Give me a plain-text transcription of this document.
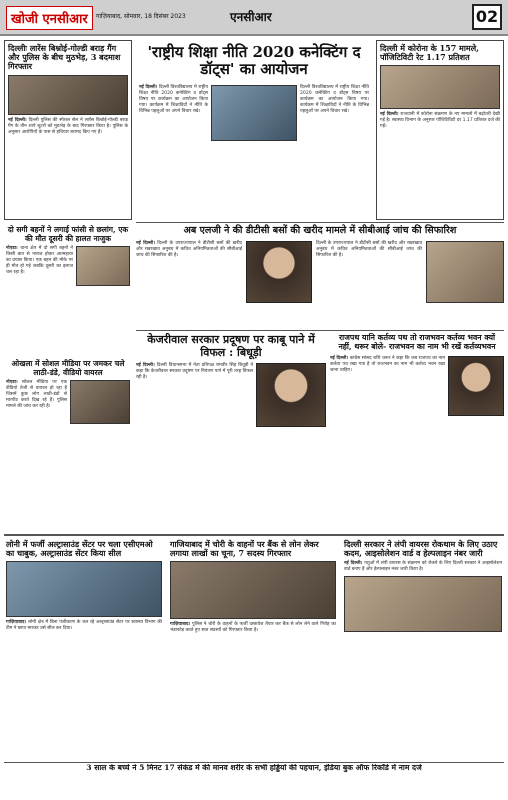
खोजी एनसीआर	गाज़ियाबाद, सोमवार, 18 दिसंबर 2023	एनसीआर	02
दिल्लीः लारेंस बिश्नोई-गोल्डी बराड़ गैंग और पुलिस के बीच मुठभेड़, 3 बदमाश गिरफ्तार
नई दिल्ली। दिल्ली पुलिस की स्पेशल सेल ने लारेंस बिश्नोई-गोल्डी बराड़ गैंग के तीन शार्प शूटरों को मुठभेड़ के बाद गिरफ्तार किया है। पुलिस के अनुसार आरोपियों के पास से हथियार बरामद किए गए हैं।
दो सगी बहनों ने लगाई फांसी से छलांग, एक की मौत दूसरी की हालत नाजुक
नोएडा। थाना क्षेत्र में दो सगी बहनों ने किसी बात से नाराज होकर आत्महत्या का प्रयास किया। एक बहन की मौके पर ही मौत हो गई जबकि दूसरी का इलाज चल रहा है।
ओखला में सोशल मीडिया पर जमकर चले लाठी-डंडे, वीडियो वायरल
नोएडा। सोशल मीडिया पर एक वीडियो तेजी से वायरल हो रहा है जिसमें कुछ लोग लाठी-डंडों से मारपीट करते दिख रहे हैं। पुलिस मामले की जांच कर रही है।
'राष्ट्रीय शिक्षा नीति 2020 कनेक्टिंग द डॉट्स' का आयोजन
नई दिल्ली। दिल्ली विश्वविद्यालय में राष्ट्रीय शिक्षा नीति 2020 कनेक्टिंग द डॉट्स विषय पर कार्यक्रम का आयोजन किया गया। कार्यक्रम में शिक्षाविदों ने नीति के विभिन्न पहलुओं पर अपने विचार रखे।
दिल्ली विश्वविद्यालय में राष्ट्रीय शिक्षा नीति 2020 कनेक्टिंग द डॉट्स विषय पर कार्यक्रम का आयोजन किया गया। कार्यक्रम में शिक्षाविदों ने नीति के विभिन्न पहलुओं पर अपने विचार रखे।
दिल्ली में कोरोना के 157 मामले, पॉजिटिविटी रेट 1.17 प्रतिशत
नई दिल्ली। राजधानी में कोरोना संक्रमण के नए मामलों में बढ़ोतरी देखी गई है। स्वास्थ्य विभाग के अनुसार पॉजिटिविटी दर 1.17 प्रतिशत दर्ज की गई।
अब एलजी ने की डीटीसी बसों की खरीद मामले में सीबीआई जांच की सिफारिश
नई दिल्ली। दिल्ली के उपराज्यपाल ने डीटीसी बसों की खरीद और रखरखाव अनुबंध में कथित अनियमितताओं की सीबीआई जांच की सिफारिश की है।
दिल्ली के उपराज्यपाल ने डीटीसी बसों की खरीद और रखरखाव अनुबंध में कथित अनियमितताओं की सीबीआई जांच की सिफारिश की है।
केजरीवाल सरकार प्रदूषण पर काबू पाने में विफल : बिधूड़ी
नई दिल्ली। दिल्ली विधानसभा में नेता प्रतिपक्ष रामवीर सिंह बिधूड़ी ने कहा कि केजरीवाल सरकार प्रदूषण पर नियंत्रण पाने में पूरी तरह विफल रही है।
राजपथ यानि कर्तव्य पथ तो राजभवन कर्तव्य भवन क्यों नहीं, थरूर बोले- राजभवन का नाम भी रखें कर्तव्यभवन
नई दिल्ली। कांग्रेस सांसद शशि थरूर ने कहा कि जब राजपथ का नाम कर्तव्य पथ रखा गया है तो राजभवन का नाम भी कर्तव्य भवन रखा जाना चाहिए।
लोनी में फर्जी अल्ट्रासाउंड सेंटर पर चला एसीएमओ का चाबुक, अल्ट्रासाउंड सेंटर किया सील
गाज़ियाबाद। लोनी क्षेत्र में बिना पंजीकरण के चल रहे अल्ट्रासाउंड सेंटर पर स्वास्थ्य विभाग की टीम ने छापा मारकर उसे सील कर दिया।
गाजियाबाद में चोरी के वाहनों पर बैंक से लोन लेकर लगाया लाखों का चूना, 7 सदस्य गिरफ्तार
गाज़ियाबाद। पुलिस ने चोरी के वाहनों के फर्जी दस्तावेज तैयार कर बैंक से लोन लेने वाले गिरोह का भंडाफोड़ करते हुए सात सदस्यों को गिरफ्तार किया है।
दिल्ली सरकार ने लंपी वायरस रोकथाम के लिए उठाए कदम, आइसोलेशन वार्ड व हेल्पलाइन नंबर जारी
नई दिल्ली। पशुओं में लंपी वायरस के संक्रमण को रोकने के लिए दिल्ली सरकार ने आइसोलेशन वार्ड बनाए हैं और हेल्पलाइन नंबर जारी किया है।
3 साल के बच्चे ने 5 मिनट 17 सेकंड में की मानव शरीर के सभी हड्डियों की पहचान, इंडिया बुक ऑफ रिकॉर्ड में नाम दर्ज
